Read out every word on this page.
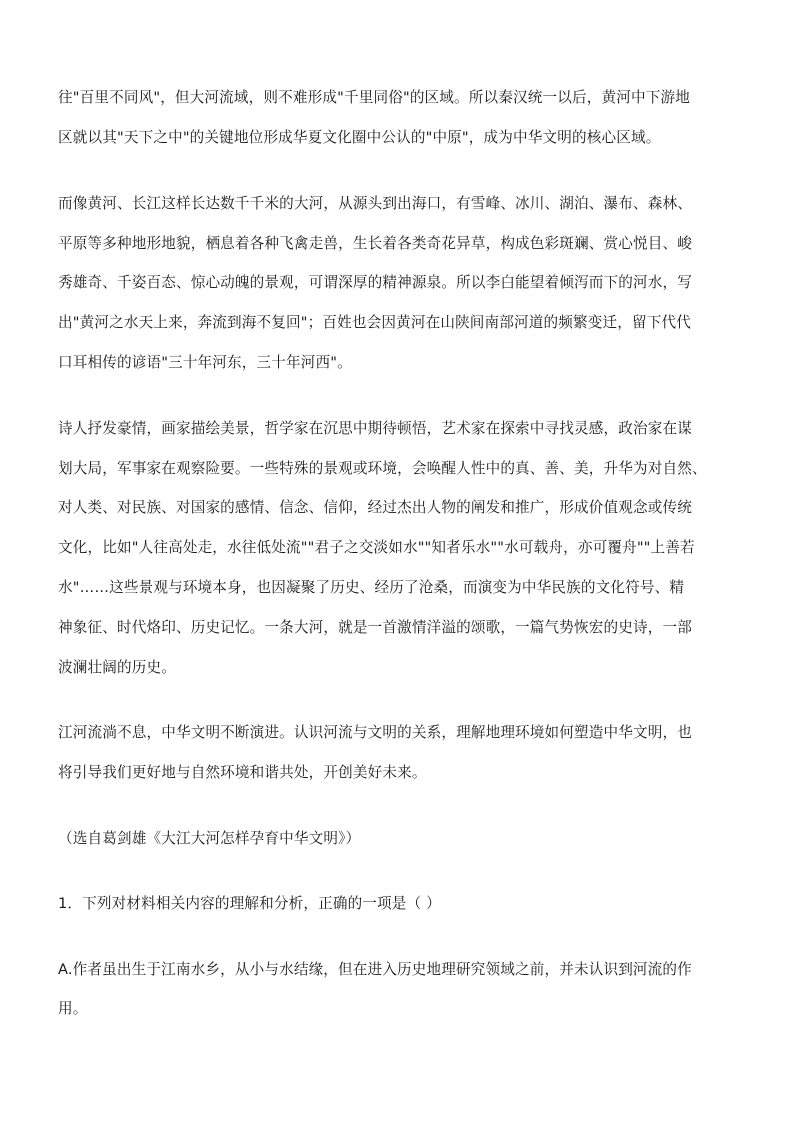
往"百里不同风"，但大河流域，则不难形成"千里同俗"的区域。所以秦汉统一以后，黄河中下游地
区就以其"天下之中"的关键地位形成华夏文化圈中公认的"中原"，成为中华文明的核心区域。
而像黄河、长江这样长达数千千米的大河，从源头到出海口，有雪峰、冰川、湖泊、瀑布、森林、
平原等多种地形地貌，栖息着各种飞禽走兽，生长着各类奇花异草，构成色彩斑斓、赏心悦目、峻
秀雄奇、千姿百态、惊心动魄的景观，可谓深厚的精神源泉。所以李白能望着倾泻而下的河水，写
出"黄河之水天上来，奔流到海不复回"；百姓也会因黄河在山陕间南部河道的频繁变迁，留下代代
口耳相传的谚语"三十年河东，三十年河西"。
诗人抒发豪情，画家描绘美景，哲学家在沉思中期待顿悟，艺术家在探索中寻找灵感，政治家在谋
划大局，军事家在观察险要。一些特殊的景观或环境，会唤醒人性中的真、善、美，升华为对自然、
对人类、对民族、对国家的感情、信念、信仰，经过杰出人物的阐发和推广，形成价值观念或传统
文化，比如"人往高处走，水往低处流""君子之交淡如水""知者乐水""水可载舟，亦可覆舟""上善若
水"……这些景观与环境本身，也因凝聚了历史、经历了沧桑，而演变为中华民族的文化符号、精
神象征、时代烙印、历史记忆。一条大河，就是一首激情洋溢的颂歌，一篇气势恢宏的史诗，一部
波澜壮阔的历史。
江河流淌不息，中华文明不断演进。认识河流与文明的关系，理解地理环境如何塑造中华文明，也
将引导我们更好地与自然环境和谐共处，开创美好未来。
（选自葛剑雄《大江大河怎样孕育中华文明》）
1．下列对材料相关内容的理解和分析，正确的一项是（ ）
A.作者虽出生于江南水乡，从小与水结缘，但在进入历史地理研究领域之前，并未认识到河流的作
用。
